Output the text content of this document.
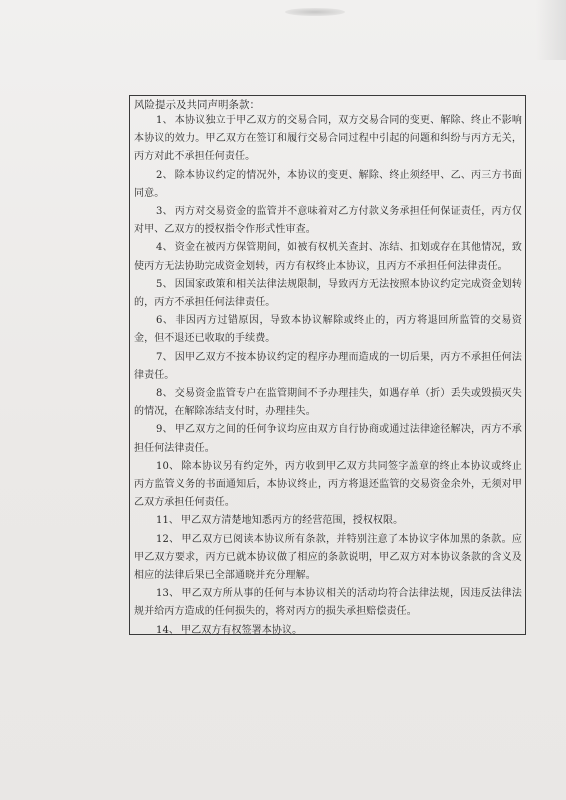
风险提示及共同声明条款：

1、 本协议独立于甲乙双方的交易合同，双方交易合同的变更、解除、终止不影响本协议的效力。甲乙双方在签订和履行交易合同过程中引起的问题和纠纷与丙方无关，丙方对此不承担任何责任。

2、 除本协议约定的情况外，本协议的变更、解除、终止须经甲、乙、丙三方书面同意。

3、 丙方对交易资金的监管并不意味着对乙方付款义务承担任何保证责任，丙方仅对甲、乙双方的授权指令作形式性审查。

4、 资金在被丙方保管期间，如被有权机关查封、冻结、扣划或存在其他情况，致使丙方无法协助完成资金划转，丙方有权终止本协议，且丙方不承担任何法律责任。

5、 因国家政策和相关法律法规限制，导致丙方无法按照本协议约定完成资金划转的，丙方不承担任何法律责任。

6、 非因丙方过错原因，导致本协议解除或终止的，丙方将退回所监管的交易资金，但不退还已收取的手续费。

7、 因甲乙双方不按本协议约定的程序办理而造成的一切后果，丙方不承担任何法律责任。

8、 交易资金监管专户在监管期间不予办理挂失，如遇存单（折）丢失或毁损灭失的情况，在解除冻结支付时，办理挂失。

9、 甲乙双方之间的任何争议均应由双方自行协商或通过法律途径解决，丙方不承担任何法律责任。

10、 除本协议另有约定外，丙方收到甲乙双方共同签字盖章的终止本协议或终止丙方监管义务的书面通知后，本协议终止，丙方将退还监管的交易资金余外，无须对甲乙双方承担任何责任。

11、 甲乙双方清楚地知悉丙方的经营范围，授权权限。

12、 甲乙双方已阅读本协议所有条款，并特别注意了本协议字体加黑的条款。应甲乙双方要求，丙方已就本协议做了相应的条款说明，甲乙双方对本协议条款的含义及相应的法律后果已全部通晓并充分理解。

13、 甲乙双方所从事的任何与本协议相关的活动均符合法律法规，因违反法律法规并给丙方造成的任何损失的，将对丙方的损失承担赔偿责任。

14、 甲乙双方有权签署本协议。
